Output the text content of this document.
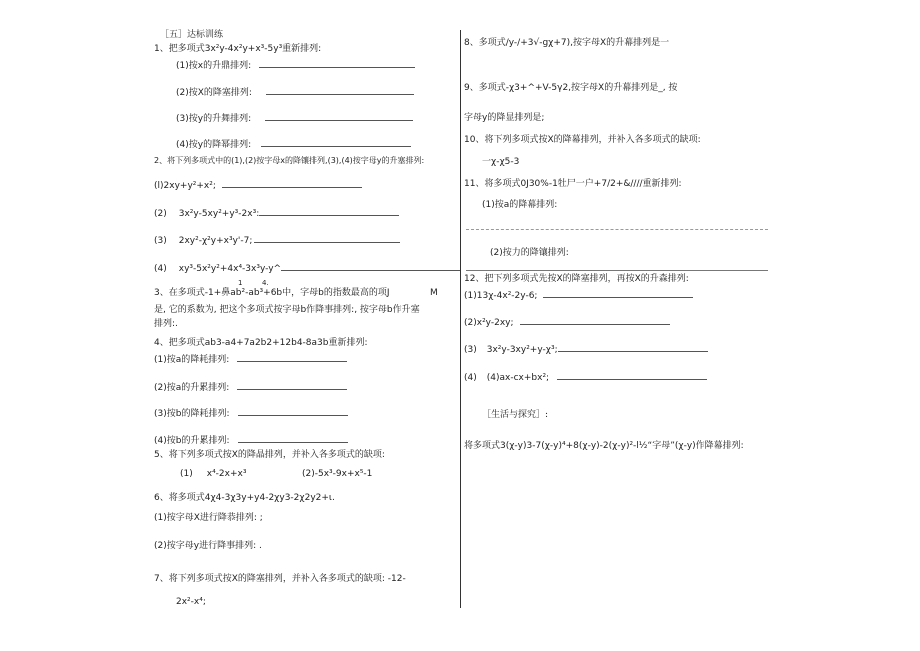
［五］达标训练
1、把多项式3x²y-4x²y+x³-5y³重新排列:
(1)按x的升鼎排列:
(2)按X的降塞排列:
(3)按y的升舞排列:
(4)按y的降幂排列:
2、将下列多项式中的(1),(2)按字母x的降镶排列,(3),(4)按字母y的升塞排列:
(l)2xy+y²+x²;
(2) 3x²y-5xy²+y³-2x³:
(3) 2xy²-χ²y+x³y'-7;
(4) xy³-5x²y²+4x⁴-3x³y-y^
1	4.
3、在多项式-1+鼻ab²-ab³+6b中，字母b的指数最高的项J	M
是, 它的系数为, 把这个多项式按字母b作降事排列:, 按字母b作升塞
排列:.
4、把多项式ab3-a4+7a2b2+12b4-8a3b重新排列:
(1)按a的降耗排列:
(2)按a的升累排列:
(3)按b的降耗排列:
(4)按b的升累排列:
5、将下列多项式按X的降晶排列，并补入各多项式的缺项:
(1) x⁴-2x+x³	(2)-5x³-9x+x⁵-1
6、将多项式4χ4-3χ3y+y4-2χy3-2χ2y2+ι.
(1)按字母X进行降恭排列: ;
(2)按字母y进行降事排列: .
7、将下列多项式按X的降塞排列，并补入各多项式的缺项: -12-
2x²-x⁴;
8、多项式/y-/+3√-gχ+7),按字母X的升幕排列是一
9、多项式-χ3+^+V-5γ2,按字母X的升幕排列是_, 按
字母y的降显排列是;
10、将下列多项式按X的降幕排列，并补入各多项式的缺项:
一χ-χ5-3
11、将多项式0J30%-1牡尸一户+7/2+&∕∕∕∕重新排列:
(1)按a的降幕排列:
(2)按力的降镶排列:
12、把下列多项式先按X的降塞排列，再按X的升森排列:
(1)13χ-4x²-2y-6;
(2)x²y-2xy;
(3) 3x²y-3xy²+y-χ³;
(4) (4)ax-cx+bx²;
［生活与探究］:
将多项式3(χ-y)3-7(χ-y)⁴+8(χ-y)-2(χ-y)²-l½“字母”(χ-y)作降幕排列:
